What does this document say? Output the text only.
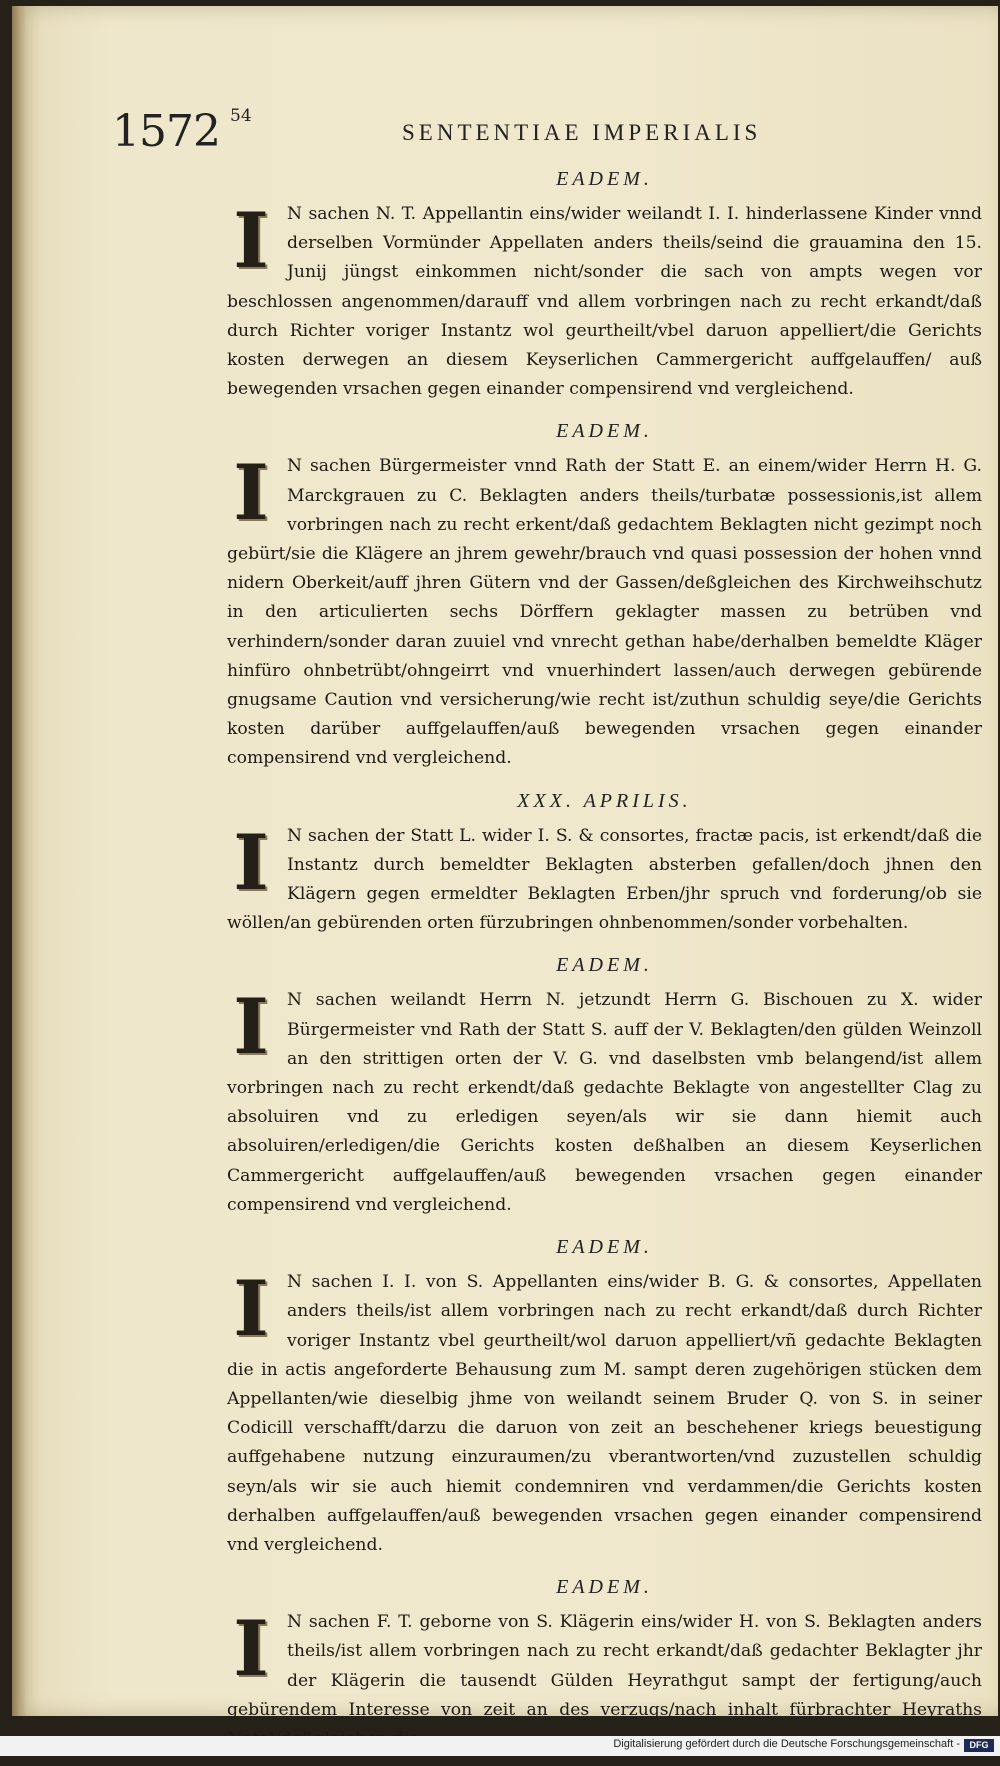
1572 54
SENTENTIAE IMPERIALIS
EADEM.
I	N sachen N. T. Appellantin eins/wider weilandt I. I. hinderlassene Kinder vnnd derselben Vormünder Appellaten anders theils/seind die grauamina den 15. Junij jüngst einkommen nicht/sonder die sach von ampts wegen vor beschlossen angenommen/darauff vnd allem vorbringen nach zu recht erkandt/daß durch Richter voriger Instantz wol geurtheilt/vbel daruon appelliert/die Gerichts kosten derwegen an diesem Keyserlichen Cammergericht auffgelauffen/ auß bewegenden vrsachen gegen einander compensirend vnd vergleichend.
EADEM.
I	N sachen Bürgermeister vnnd Rath der Statt E. an einem/wider Herrn H. G. Marckgrauen zu C. Beklagten anders theils/turbatæ possessionis,ist allem vorbringen nach zu recht erkent/daß gedachtem Beklagten nicht gezimpt noch gebürt/sie die Klägere an jhrem gewehr/brauch vnd quasi possession der hohen vnnd nidern Oberkeit/auff jhren Gütern vnd der Gassen/deßgleichen des Kirchweihschutz in den articulierten sechs Dörffern geklagter massen zu betrüben vnd verhindern/sonder daran zuuiel vnd vnrecht gethan habe/derhalben bemeldte Kläger hinfüro ohnbetrübt/ohngeirrt vnd vnuerhindert lassen/auch derwegen gebürende gnugsame Caution vnd versicherung/wie recht ist/zuthun schuldig seye/die Gerichts kosten darüber auffgelauffen/auß bewegenden vrsachen gegen einander compensirend vnd vergleichend.
XXX. APRILIS.
I	N sachen der Statt L. wider I. S. & consortes, fractæ pacis, ist erkendt/daß die Instantz durch bemeldter Beklagten absterben gefallen/doch jhnen den Klägern gegen ermeldter Beklagten Erben/jhr spruch vnd forderung/ob sie wöllen/an gebürenden orten fürzubringen ohnbenommen/sonder vorbehalten.
EADEM.
I	N sachen weilandt Herrn N. jetzundt Herrn G. Bischouen zu X. wider Bürgermeister vnd Rath der Statt S. auff der V. Beklagten/den gülden Weinzoll an den strittigen orten der V. G. vnd daselbsten vmb belangend/ist allem vorbringen nach zu recht erkendt/daß gedachte Beklagte von angestellter Clag zu absoluiren vnd zu erledigen seyen/als wir sie dann hiemit auch absoluiren/erledigen/die Gerichts kosten deßhalben an diesem Keyserlichen Cammergericht auffgelauffen/auß bewegenden vrsachen gegen einander compensirend vnd vergleichend.
EADEM.
I	N sachen I. I. von S. Appellanten eins/wider B. G. & consortes, Appellaten anders theils/ist allem vorbringen nach zu recht erkandt/daß durch Richter voriger Instantz vbel geurtheilt/wol daruon appelliert/vñ gedachte Beklagten die in actis angeforderte Behausung zum M. sampt deren zugehörigen stücken dem Appellanten/wie dieselbig jhme von weilandt seinem Bruder Q. von S. in seiner Codicill verschafft/darzu die daruon von zeit an beschehener kriegs beuestigung auffgehabene nutzung einzuraumen/zu vberantworten/vnd zuzustellen schuldig seyn/als wir sie auch hiemit condemniren vnd verdammen/die Gerichts kosten derhalben auffgelauffen/auß bewegenden vrsachen gegen einander compensirend vnd vergleichend.
EADEM.
I	N sachen F. T. geborne von S. Klägerin eins/wider H. von S. Beklagten anders theils/ist allem vorbringen nach zu recht erkandt/daß gedachter Beklagter jhr der Klägerin die tausendt Gülden Heyrathgut sampt der fertigung/auch gebürendem Interesse von zeit an des verzugs/nach inhalt fürbrachter Heyraths
Digitalisierung gefördert durch die Deutsche Forschungsgemeinschaft -	DFG
